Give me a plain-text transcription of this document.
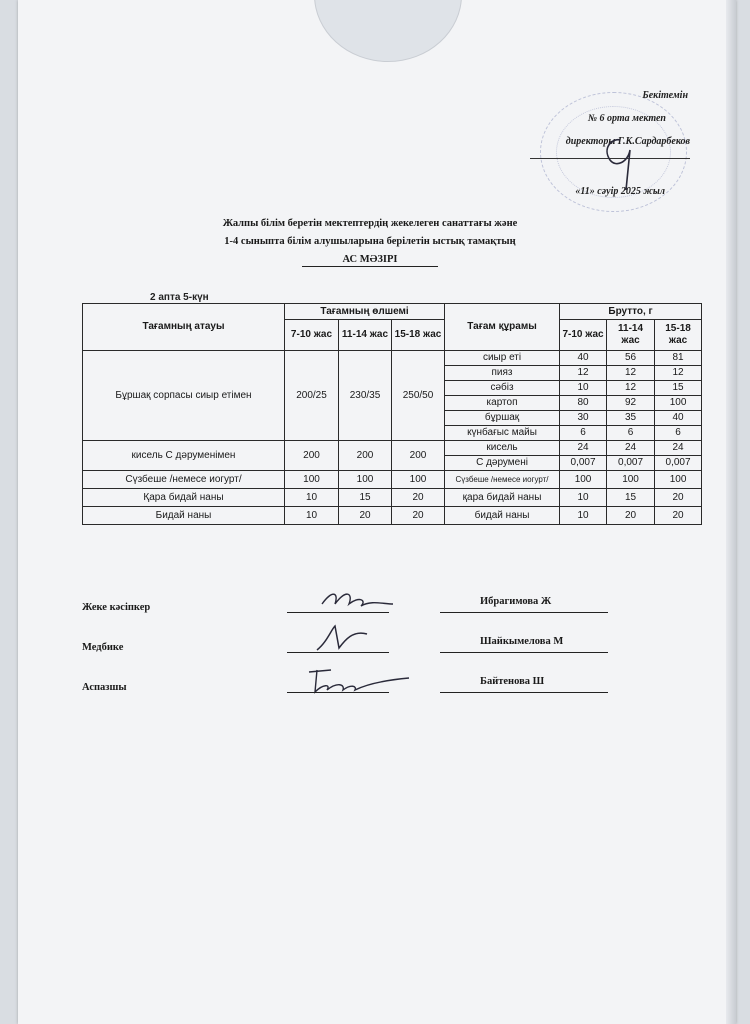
Бекітемін
№ 6 орта мектеп
директоры Г.К.Сардарбеков
«11» сәуір 2025 жыл
Жалпы білім беретін мектептердің жекелеген санаттағы және
1-4 сыныпта білім алушыларына берілетін ыстық тамақтың
АС МӘЗІРІ
2 апта 5-күн
Тағамның атауы	Тағамның өлшемі			Тағам құрамы	Брутто, г		
	7-10 жас	11-14 жас	15-18 жас		7-10 жас	11-14 жас	15-18 жас
Бұршақ сорпасы сиыр етімен	200/25	230/35	250/50	сиыр еті	40	56	81
				пияз	12	12	12
				сәбіз	10	12	15
				картоп	80	92	100
				бұршақ	30	35	40
				күнбағыс майы	6	6	6
кисель С дәруменімен	200	200	200	кисель	24	24	24
				С дәрумені	0,007	0,007	0,007
Сүзбеше /немесе иогурт/	100	100	100	Сүзбеше /немесе иогурт/	100	100	100
Қара бидай наны	10	15	20	қара бидай наны	10	15	20
Бидай наны	10	20	20	бидай наны	10	20	20
Жеке кәсіпкер
Ибрагимова Ж
Медбике
Шайкымелова М
Аспазшы
Байтенова Ш
